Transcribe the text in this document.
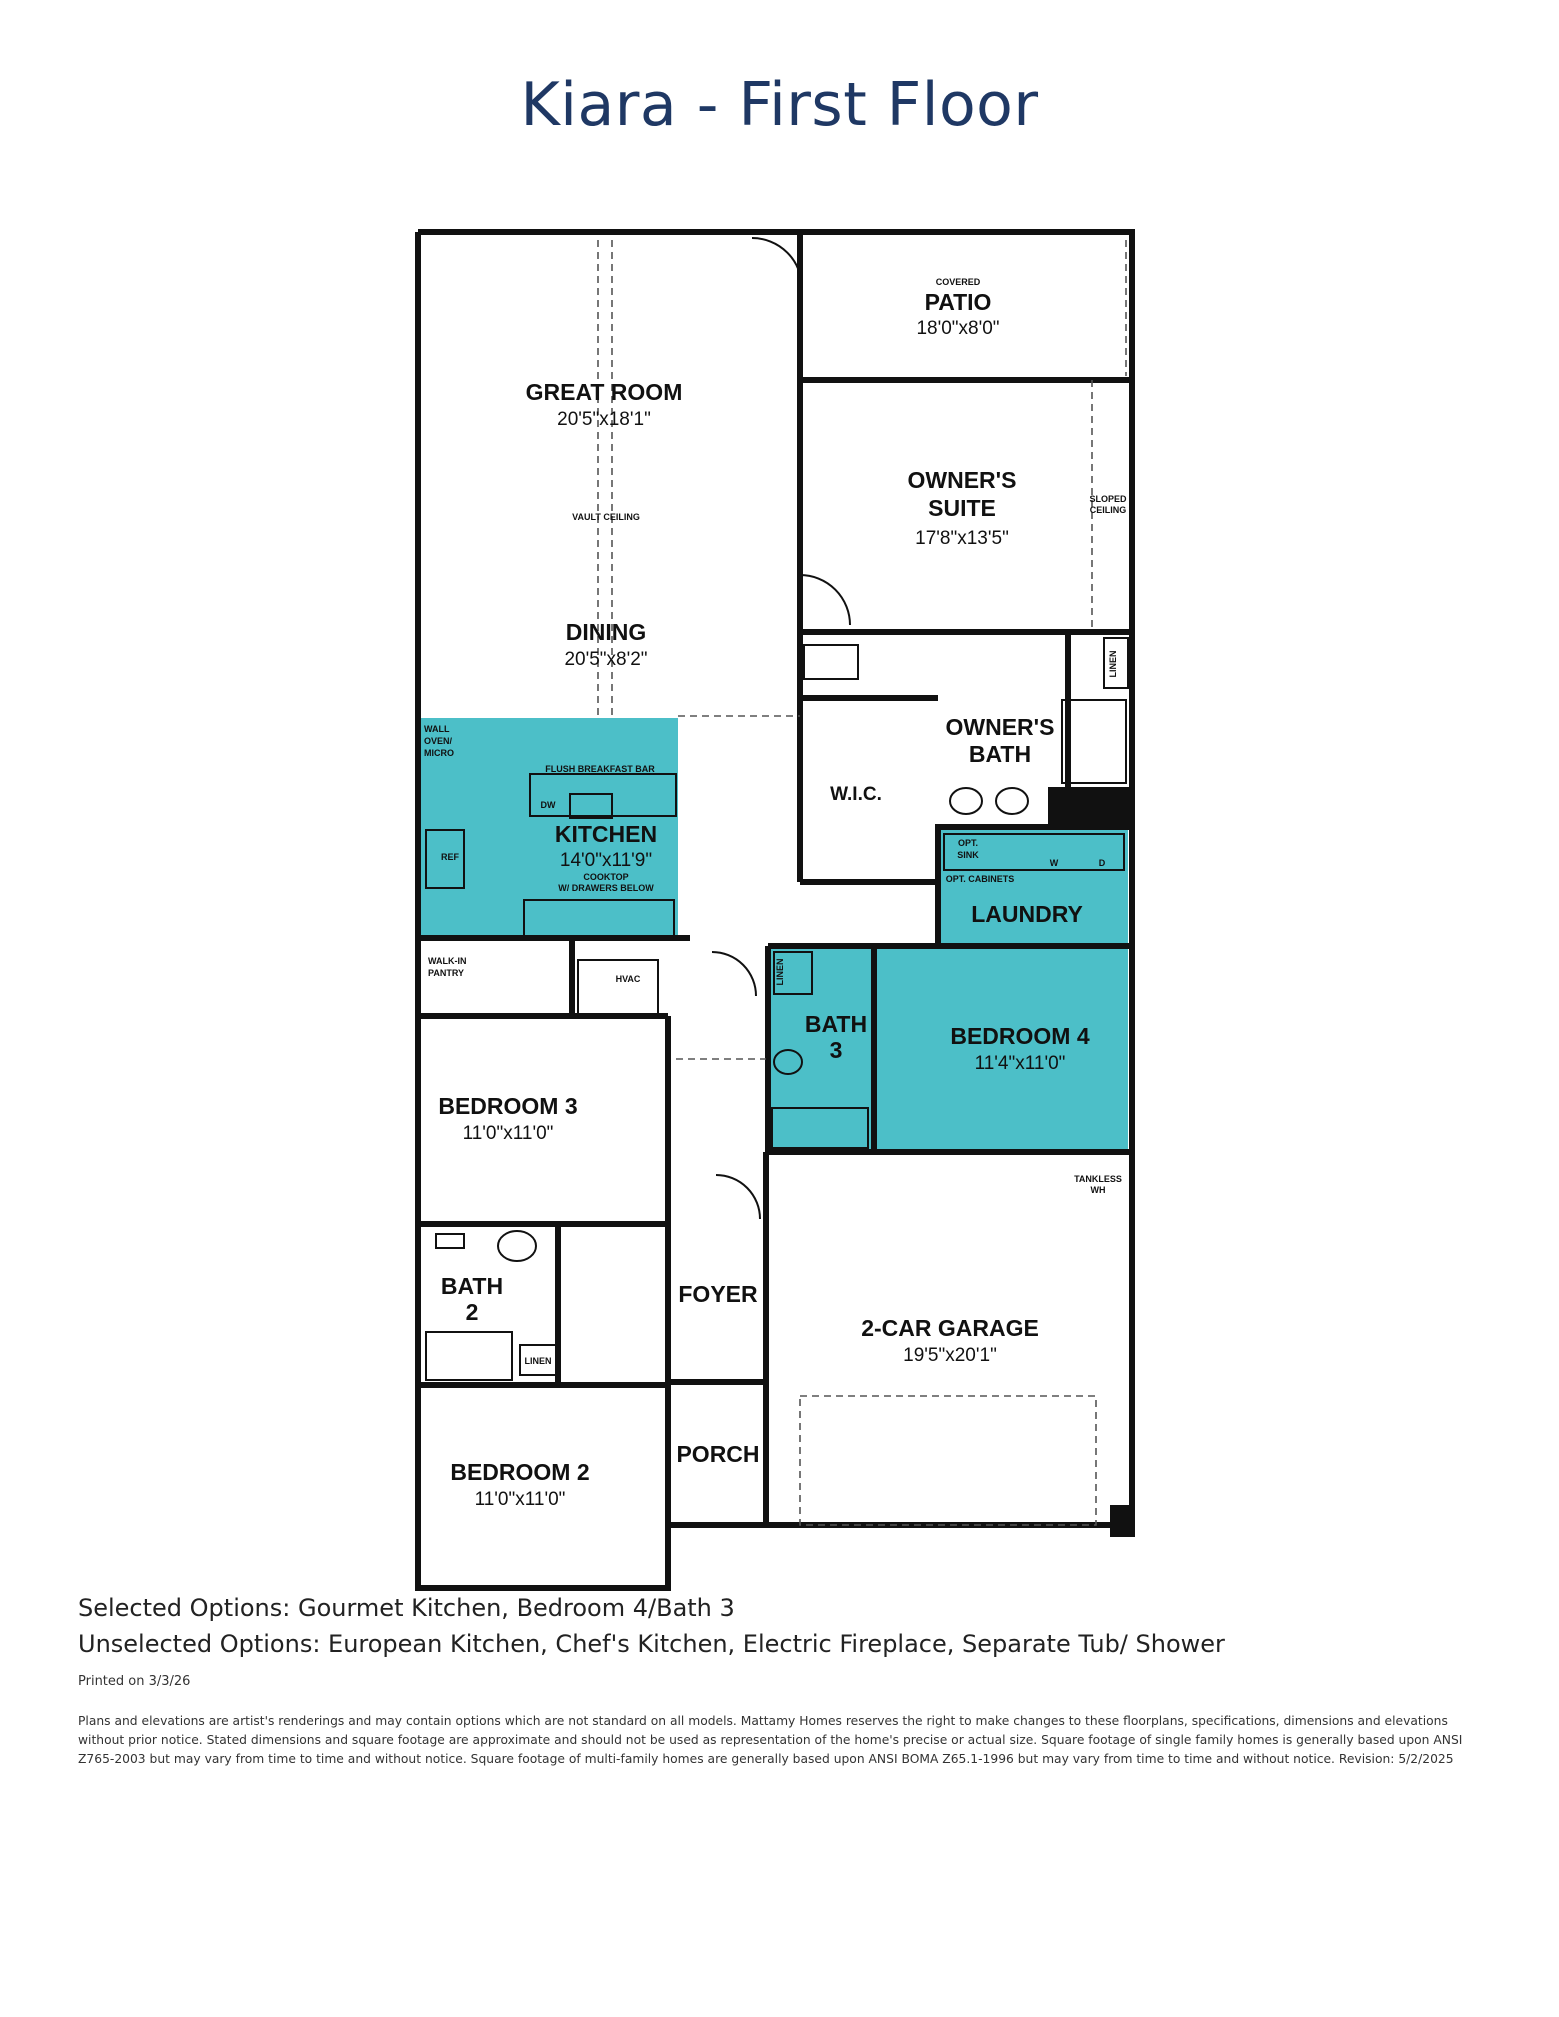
Kiara - First Floor
GREAT ROOM
20'5"x18'1"
VAULT CEILING
DINING
20'5"x8'2"
COVERED
PATIO
18'0"x8'0"
OWNER'S
SUITE
17'8"x13'5"
SLOPED
CEILING
OWNER'S
BATH
W.I.C.
LINEN
WALL
OVEN/
MICRO
FLUSH BREAKFAST BAR
DW
REF
KITCHEN
14'0"x11'9"
COOKTOP
W/ DRAWERS BELOW
WALK-IN
PANTRY
HVAC
OPT.
SINK
W	D
OPT. CABINETS
LAUNDRY
LINEN
BATH
3
BEDROOM 4
11'4"x11'0"
BEDROOM 3
11'0"x11'0"
BATH
2
LINEN
FOYER
PORCH
TANKLESS
WH
2-CAR GARAGE
19'5"x20'1"
BEDROOM 2
11'0"x11'0"
Selected Options: Gourmet Kitchen, Bedroom 4/Bath 3
Unselected Options: European Kitchen, Chef's Kitchen, Electric Fireplace, Separate Tub/ Shower
Printed on 3/3/26
Plans and elevations are artist's renderings and may contain options which are not standard on all models. Mattamy Homes reserves the right to make changes to these floorplans, specifications, dimensions and elevations without prior notice. Stated dimensions and square footage are approximate and should not be used as representation of the home's precise or actual size. Square footage of single family homes is generally based upon ANSI Z765-2003 but may vary from time to time and without notice. Square footage of multi-family homes are generally based upon ANSI BOMA Z65.1-1996 but may vary from time to time and without notice. Revision: 5/2/2025
